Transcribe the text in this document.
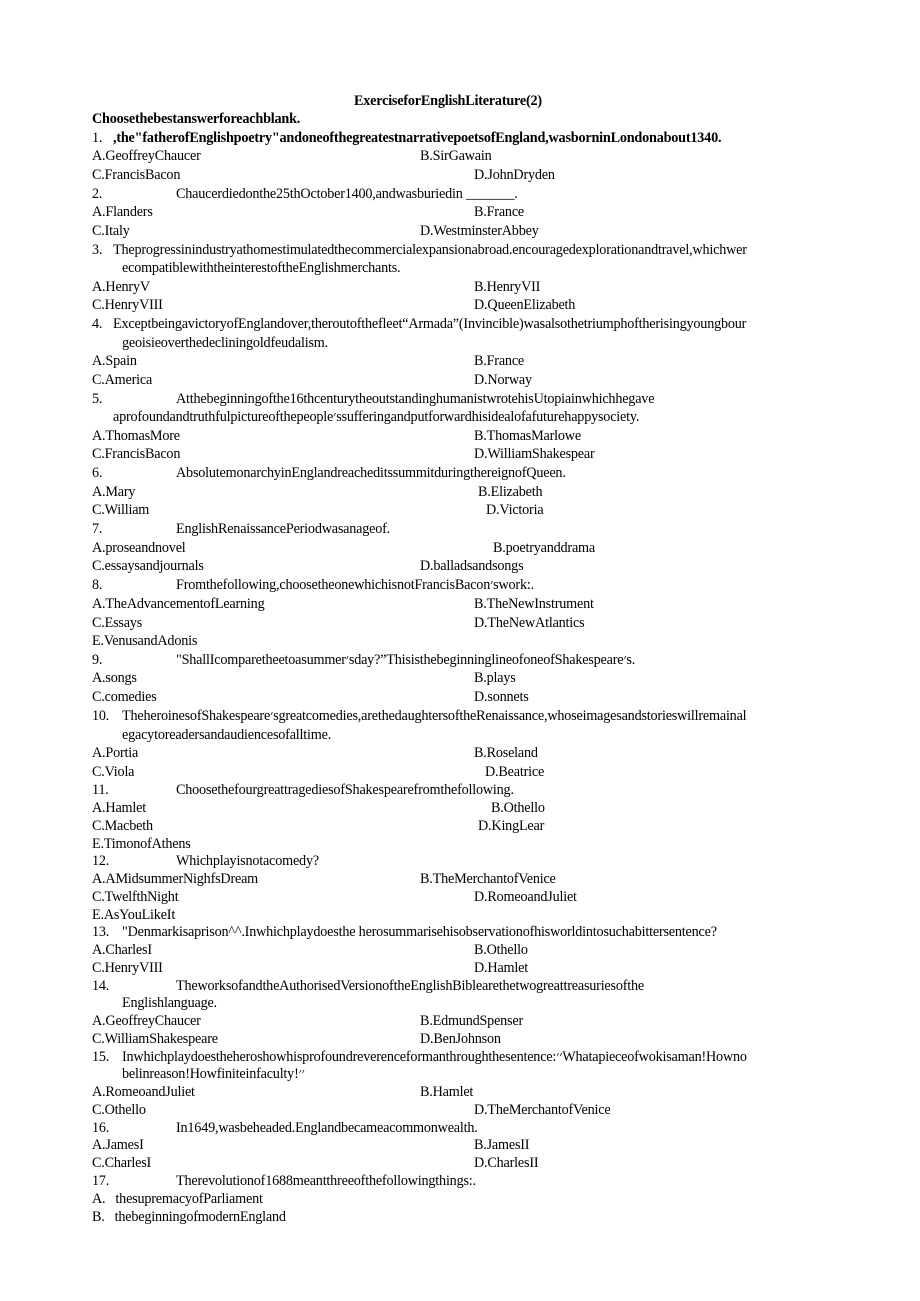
ExerciseforEnglishLiterature(2)
Choosethebestanswerforeachblank.
1. ,the"fatherofEnglishpoetry"andoneofthegreatestnarrativepoetsofEngland,wasborninLondonabout1340.
A.GeoffreyChaucer	B.SirGawain
C.FrancisBacon	D.JohnDryden
2.	Chaucerdiedonthe25thOctober1400,andwasburiedin _______.
A.Flanders	B.France
C.Italy	D.WestminsterAbbey
3. Theprogressinindustryathomestimulatedthecommercialexpansionabroad.encouragedexplorationandtravel,whichwer
ecompatiblewiththeinterestoftheEnglishmerchants.
A.HenryV	B.HenryVII
C.HenryVIII	D.QueenElizabeth
4. ExceptbeingavictoryofEnglandover,theroutofthefleet“Armada”(Invincible)wasalsothetriumphoftherisingyoungbour
geoisieoverthedecliningoldfeudalism.
A.Spain	B.France
C.America	D.Norway
5.	Atthebeginningofthe16thcenturytheoutstandinghumanistwrotehisUtopiainwhichhegave
aprofoundandtruthfulpictureofthepeople׳ssufferingandputforwardhisidealofafuturehappysociety.
A.ThomasMore	B.ThomasMarlowe
C.FrancisBacon	D.WilliamShakespear
6.	AbsolutemonarchyinEnglandreacheditssummitduringthereignofQueen.
A.Mary	B.Elizabeth
C.William	D.Victoria
7.	EnglishRenaissancePeriodwasanageof.
A.proseandnovel	B.poetryanddrama
C.essaysandjournals	D.balladsandsongs
8.	Fromthefollowing,choosetheonewhichisnotFrancisBacon׳swork:.
A.TheAdvancementofLearning	B.TheNewInstrument
C.Essays	D.TheNewAtlantics
E.VenusandAdonis
9.	"ShallIcomparetheetoasummer׳sday?”ThisisthebeginninglineofoneofShakespeare׳s.
A.songs	B.plays
C.comedies	D.sonnets
10. TheheroinesofShakespeare׳sgreatcomedies,arethedaughtersoftheRenaissance,whoseimagesandstorieswillremainal
egacytoreadersandaudiencesofalltime.
A.Portia	B.Roseland
C.Viola	D.Beatrice
11.	ChoosethefourgreattragediesofShakespearefromthefollowing.
A.Hamlet	B.Othello
C.Macbeth	D.KingLear
E.TimonofAthens
12.	Whichplayisnotacomedy?
A.AMidsummerNighfsDream	B.TheMerchantofVenice
C.TwelfthNight	D.RomeoandJuliet
E.AsYouLikeIt
13. "Denmarkisaprison^^.Inwhichplaydoesthe herosummarisehisobservationofhisworldintosuchabittersentence?
A.CharlesI	B.Othello
C.HenryVIII	D.Hamlet
14.	TheworksofandtheAuthorisedVersionoftheEnglishBiblearethetwogreattreasuriesofthe
Englishlanguage.
A.GeoffreyChaucer	B.EdmundSpenser
C.WilliamShakespeare	D.BenJohnson
15. Inwhichplaydoestheheroshowhisprofoundreverenceformanthroughthesentence:׳׳Whatapieceofwokisaman!Howno
belinreason!Howfiniteinfaculty!׳׳
A.RomeoandJuliet	B.Hamlet
C.Othello	D.TheMerchantofVenice
16.	In1649,wasbeheaded.Englandbecameacommonwealth.
A.JamesI	B.JamesII
C.CharlesI	D.CharlesII
17.	Therevolutionof1688meantthreeofthefollowingthings:.
A.   thesupremacyofParliament
B.   thebeginningofmodernEngland
